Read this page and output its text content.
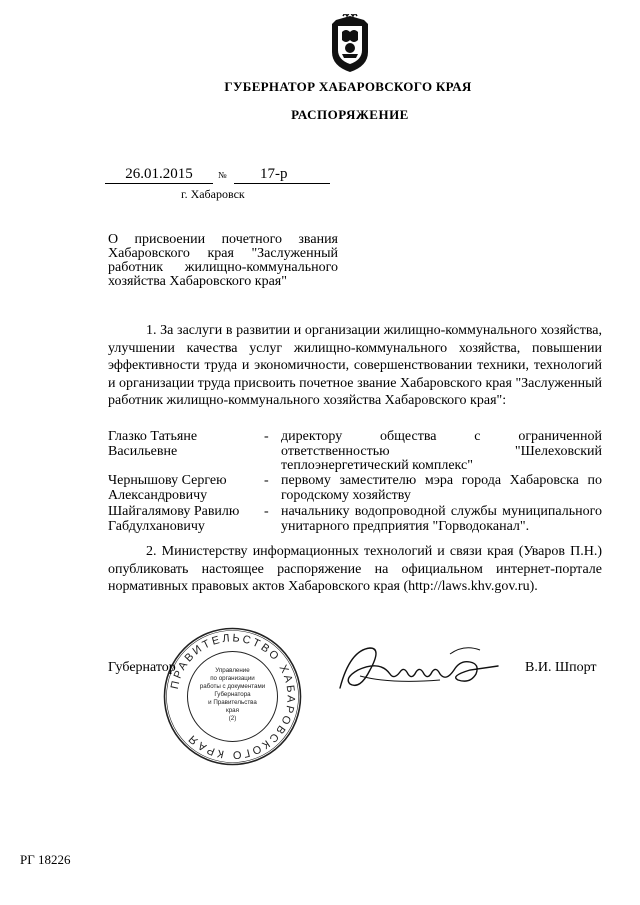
ГУБЕРНАТОР ХАБАРОВСКОГО КРАЯ
РАСПОРЯЖЕНИЕ
26.01.2015	№	17-р
г. Хабаровск
О присвоении почетного звания Хабаровского края "Заслуженный работник жилищно-коммунального хозяйства Хабаровского края"
1. За заслуги в развитии и организации жилищно-коммунального хозяйства, улучшении качества услуг жилищно-коммунального хозяйства, повышении эффективности труда и экономичности, совершенствовании техники, технологий и организации труда присвоить почетное звание Хабаровского края "Заслуженный работник жилищно-коммунального хозяйства Хабаровского края":
Глазко Татьяне Васильевне
- директору общества с ограниченной ответственностью "Шелеховский теплоэнергетический комплекс"
Чернышову Сергею Александровичу
- первому заместителю мэра города Хабаровска по городскому хозяйству
Шайгалямову Равилю Габдулхановичу
- начальнику водопроводной службы муниципального унитарного предприятия "Горводоканал".
2. Министерству информационных технологий и связи края (Уваров П.Н.) опубликовать настоящее распоряжение на официальном интернет-портале нормативных правовых актов Хабаровского края (http://laws.khv.gov.ru).
ПРАВИТЕЛЬСТВО ХАБАРОВСКОГО КРАЯ
Управление
по организации
работы с документами
Губернатора
и Правительства
края
(2)
Губернатор	В.И. Шпорт
РГ 18226
